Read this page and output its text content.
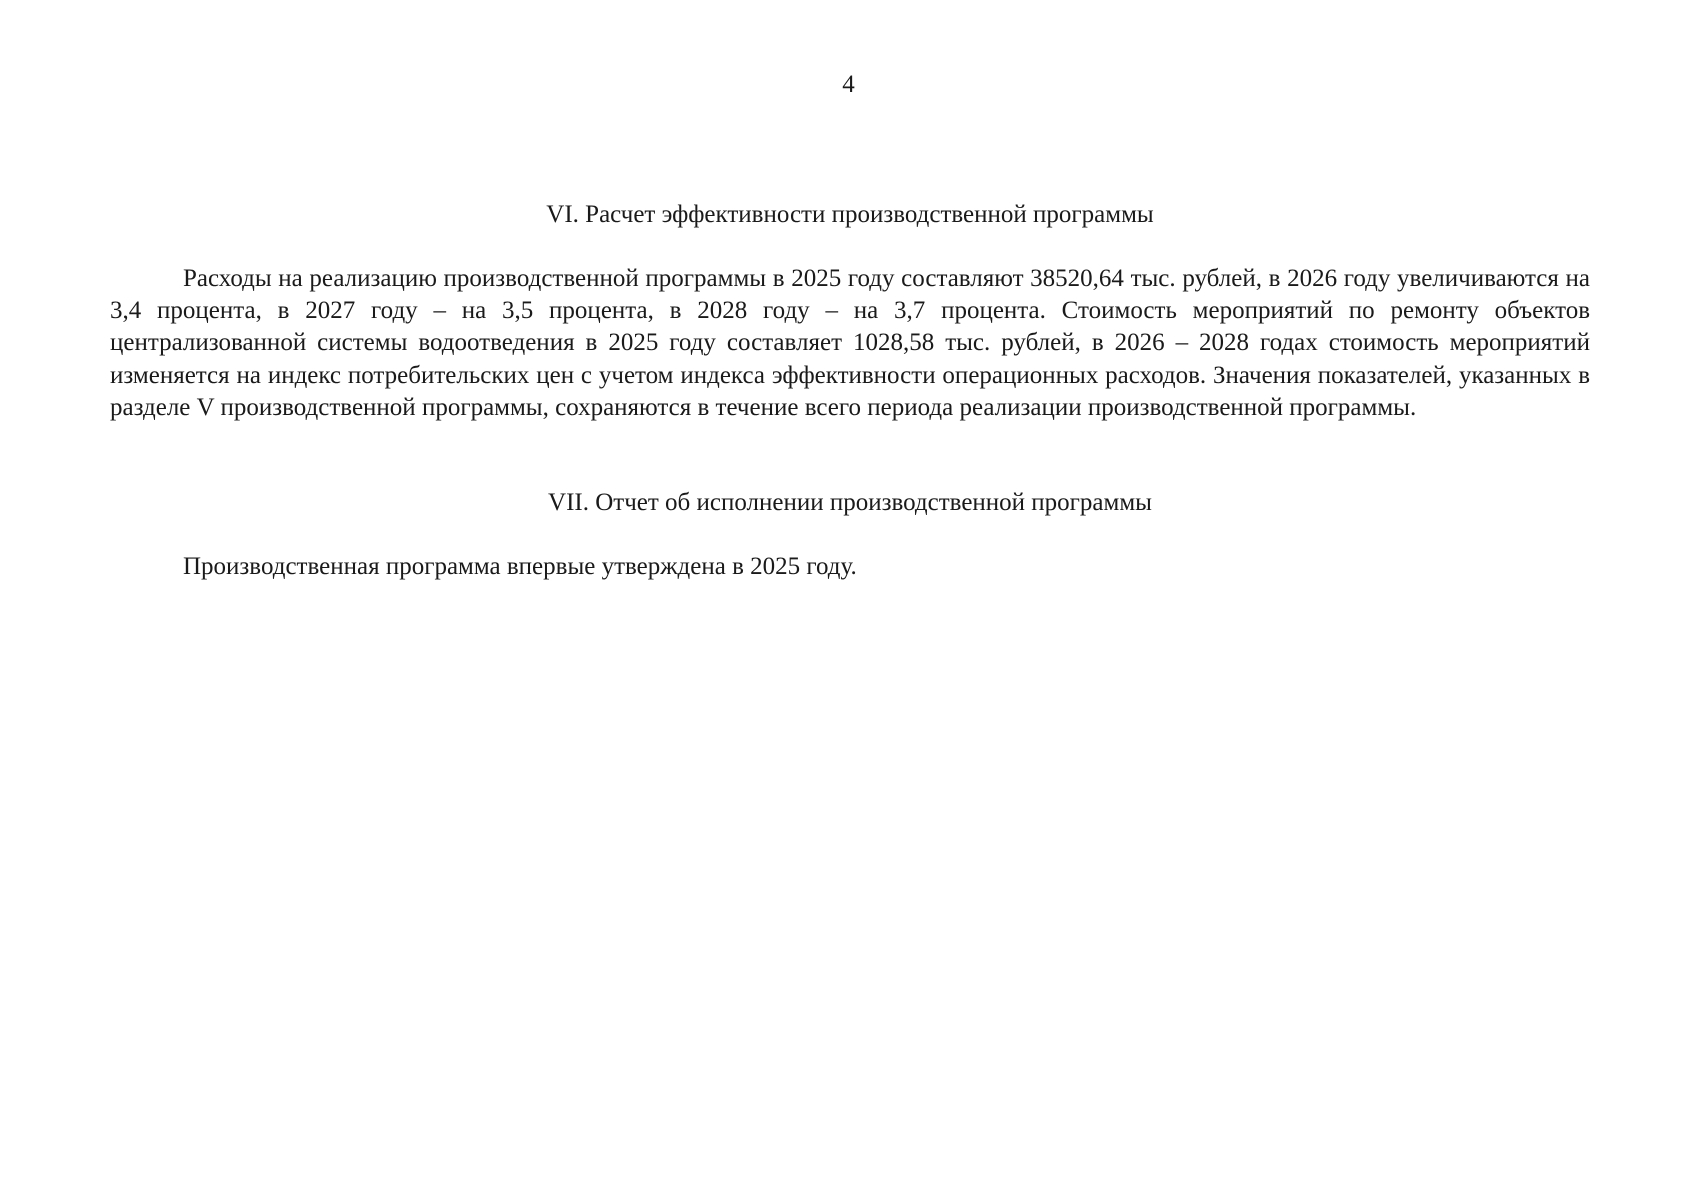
4
VI. Расчет эффективности производственной программы

Расходы на реализацию производственной программы в 2025 году составляют 38520,64 тыс. рублей, в 2026 году увеличиваются на 3,4 процента, в 2027 году – на 3,5 процента, в 2028 году – на 3,7 процента. Стоимость мероприятий по ремонту объектов централизованной системы водоотведения в 2025 году составляет 1028,58 тыс. рублей, в 2026 – 2028 годах стоимость мероприятий изменяется на индекс потребительских цен с учетом индекса эффективности операционных расходов. Значения показателей, указанных в разделе V производственной программы, сохраняются в течение всего периода реализации производственной программы.

VII. Отчет об исполнении производственной программы

Производственная программа впервые утверждена в 2025 году.
